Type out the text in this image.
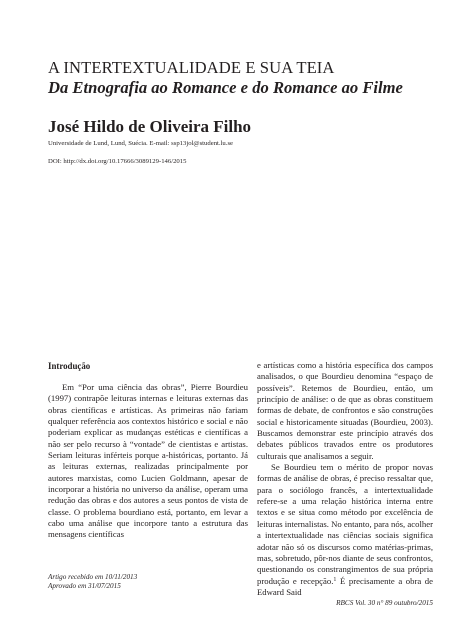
A INTERTEXTUALIDADE E SUA TEIA
Da Etnografia ao Romance e do Romance ao Filme
José Hildo de Oliveira Filho
Universidade de Lund, Lund, Suécia. E-mail: ssp13jol@student.lu.se
DOI: http://dx.doi.org/10.17666/3089129-146/2015

Introdução

Em “Por uma ciência das obras”, Pierre Bourdieu (1997) contrapõe leituras internas e leituras externas das obras científicas e artísticas. As primeiras não fariam qualquer referência aos contextos histórico e social e não poderiam explicar as mudanças estéticas e científicas a não ser pelo recurso à “vontade” de cientistas e artistas. Seriam leituras inférteis porque a-históricas, portanto. Já as leituras externas, realizadas principalmente por autores marxistas, como Lucien Goldmann, apesar de incorporar a história no universo da análise, operam uma redução das obras e dos autores a seus pontos de vista de classe. O problema bourdiano está, portanto, em levar a cabo uma análise que incorpore tanto a estrutura das mensagens científicas

e artísticas como a história específica dos campos analisados, o que Bourdieu denomina “espaço de possíveis”. Retemos de Bourdieu, então, um princípio de análise: o de que as obras constituem formas de debate, de confrontos e são construções social e historicamente situadas (Bourdieu, 2003). Buscamos demonstrar este princípio através dos debates públicos travados entre os produtores culturais que analisamos a seguir.

Se Bourdieu tem o mérito de propor novas formas de análise de obras, é preciso ressaltar que, para o sociólogo francês, a intertextualidade refere-se a uma relação histórica interna entre textos e se situa como método por excelência de leituras internalistas. No entanto, para nós, acolher a intertextualidade nas ciências sociais significa adotar não só os discursos como matérias-primas, mas, sobretudo, pôr-nos diante de seus confrontos, questionando os constrangimentos de sua própria produção e recepção.$^1$ É precisamente a obra de Edward Said

Artigo recebido em 10/11/2013
Aprovado em 31/07/2015
RBCS Vol. 30 n° 89 outubro/2015
